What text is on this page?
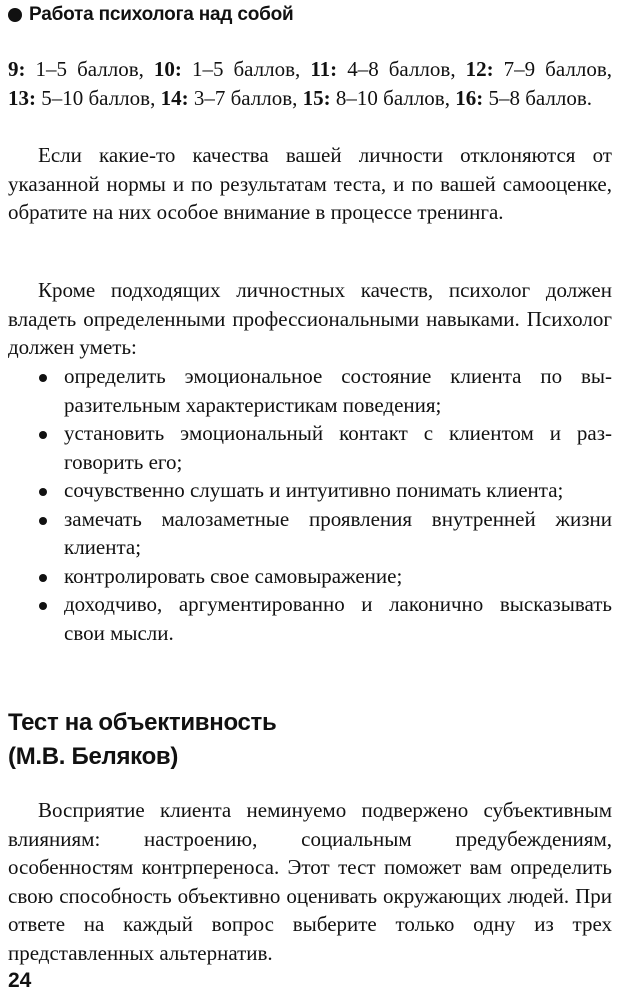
Работа психолога над собой
9: 1–5 баллов, 10: 1–5 баллов, 11: 4–8 баллов, 12: 7–9 баллов, 13: 5–10 баллов, 14: 3–7 баллов, 15: 8–10 баллов, 16: 5–8 баллов.

Если какие-то качества вашей личности отклоняются от указанной нормы и по результатам теста, и по вашей самооценке, обратите на них особое внимание в процессе тренинга.

Кроме подходящих личностных качеств, психолог должен владеть определенными профессиональными навыками. Психолог должен уметь:

определить эмоциональное состояние клиента по выразительным характеристикам поведения;
установить эмоциональный контакт с клиентом и разговорить его;
сочувственно слушать и интуитивно понимать клиента;
замечать малозаметные проявления внутренней жизни клиента;
контролировать свое самовыражение;
доходчиво, аргументированно и лаконично высказывать свои мысли.
Тест на объективность
(М.В. Беляков)

Восприятие клиента неминуемо подвержено субъективным влияниям: настроению, социальным предубеждениям, особенностям контрпереноса. Этот тест поможет вам определить свою способность объективно оценивать окружающих людей. При ответе на каждый вопрос выберите только одну из трех представленных альтернатив.

24
